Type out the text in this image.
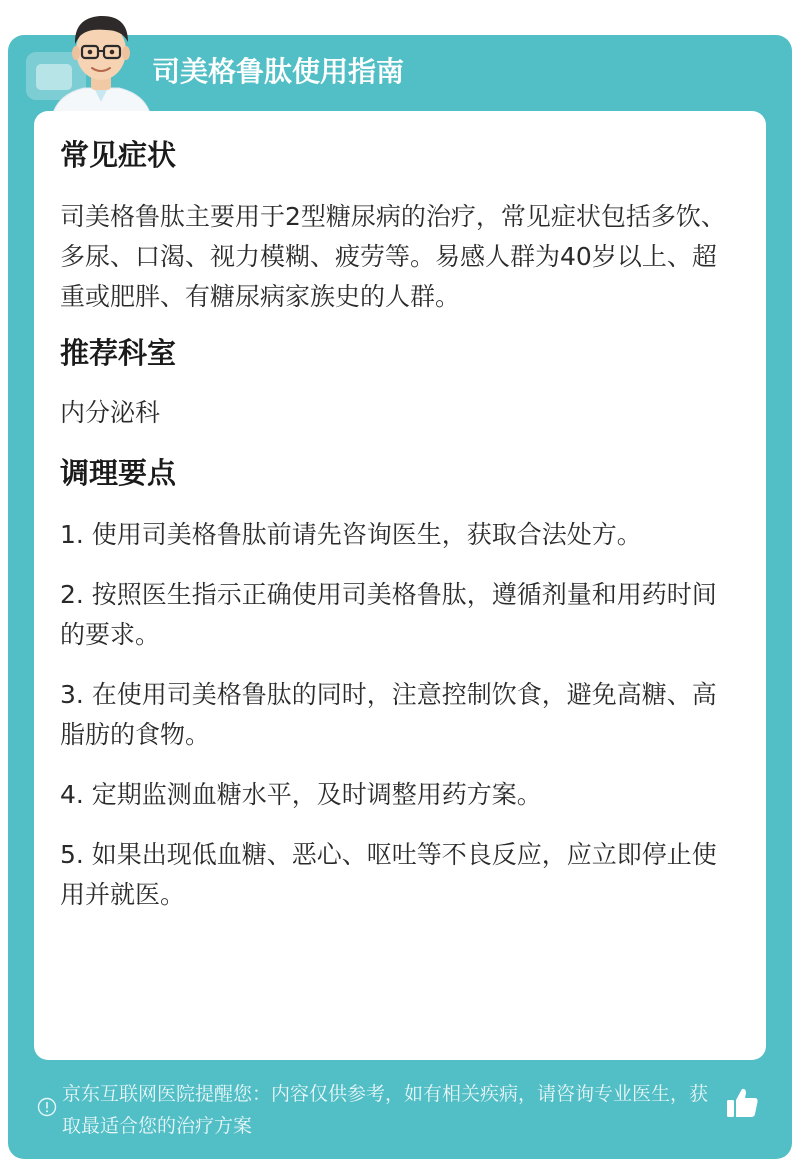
司美格鲁肽使用指南
常见症状

司美格鲁肽主要用于2型糖尿病的治疗，常见症状包括多饮、多尿、口渴、视力模糊、疲劳等。易感人群为40岁以上、超重或肥胖、有糖尿病家族史的人群。

推荐科室

内分泌科

调理要点

1. 使用司美格鲁肽前请先咨询医生，获取合法处方。

2. 按照医生指示正确使用司美格鲁肽，遵循剂量和用药时间的要求。

3. 在使用司美格鲁肽的同时，注意控制饮食，避免高糖、高脂肪的食物。

4. 定期监测血糖水平，及时调整用药方案。

5. 如果出现低血糖、恶心、呕吐等不良反应，应立即停止使用并就医。

京东互联网医院提醒您：内容仅供参考，如有相关疾病，请咨询专业医生，获取最适合您的治疗方案
